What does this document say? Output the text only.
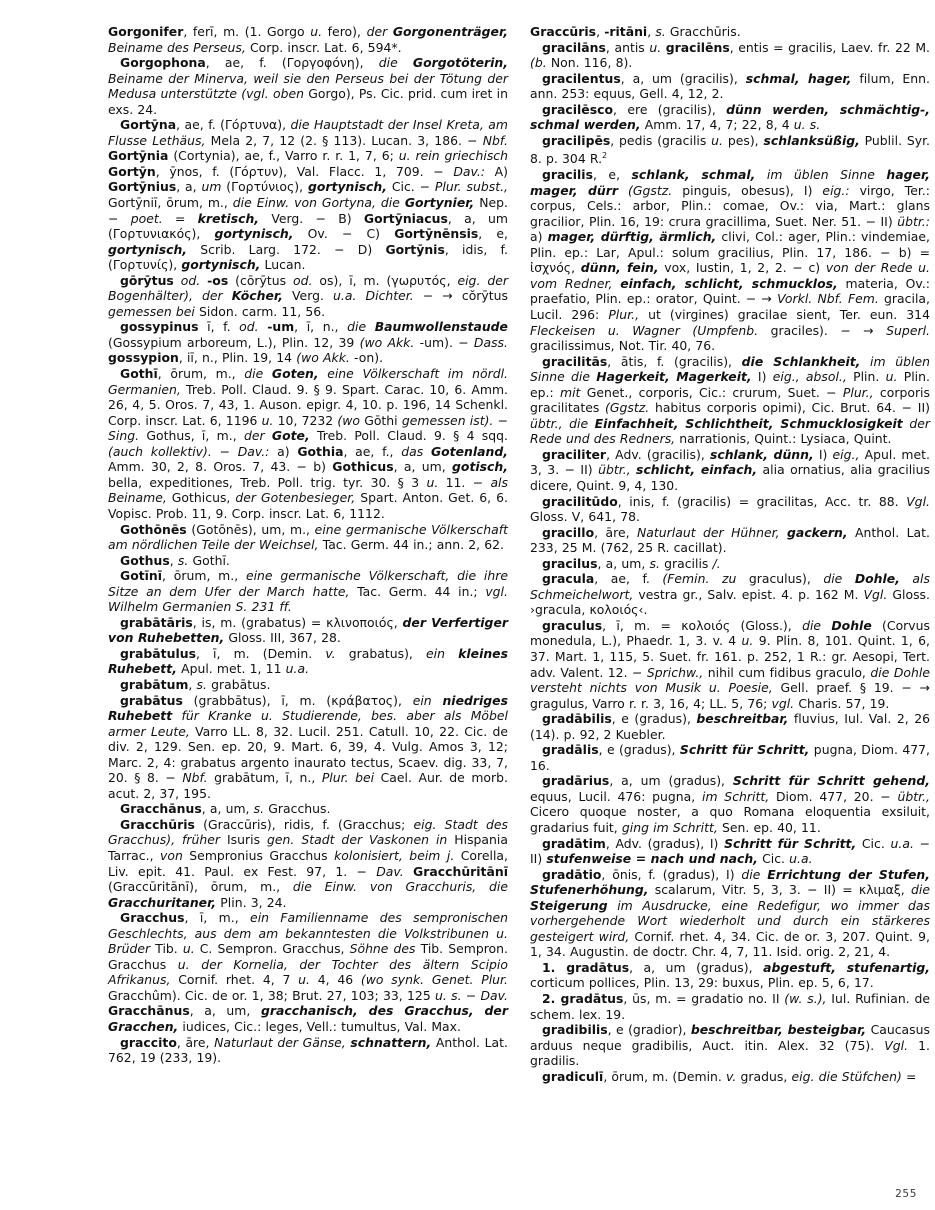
Gorgonifer, ferī, m. (1. Gorgo u. fero), der Gorgonenträger, Beiname des Perseus, Corp. inscr. Lat. 6, 594*.

Gorgophona, ae, f. (Γοργοφόνη), die Gorgotöterin, Beiname der Minerva, weil sie den Perseus bei der Tötung der Medusa unterstützte (vgl. oben Gorgo), Ps. Cic. prid. cum iret in exs. 24.

Gortȳna, ae, f. (Γόρτυνα), die Hauptstadt der Insel Kreta, am Flusse Lethäus, Mela 2, 7, 12 (2. § 113). Lucan. 3, 186. − Nbf. Gortȳnia (Cortynia), ae, f., Varro r. r. 1, 7, 6; u. rein griechisch Gortȳn, ȳnos, f. (Γόρτυν), Val. Flacc. 1, 709. − Dav.: A) Gortȳnius, a, um (Γορτύνιος), gortynisch, Cic. − Plur. subst., Gortȳniī, ōrum, m., die Einw. von Gortyna, die Gortynier, Nep. − poet. = kretisch, Verg. − B) Gortȳniacus, a, um (Γορτυνιακός), gortynisch, Ov. − C) Gortȳnēnsis, e, gortynisch, Scrib. Larg. 172. − D) Gortȳnis, idis, f. (Γορτυνίς), gortynisch, Lucan.

gōrȳtus od. -os (cōrȳtus od. os), ī, m. (γωρυτός, eig. der Bogenhälter), der Köcher, Verg. u.a. Dichter. − → cŏrȳtus gemessen bei Sidon. carm. 11, 56.

gossypinus ī, f. od. -um, ī, n., die Baumwollenstaude (Gossypium arboreum, L.), Plin. 12, 39 (wo Akk. -um). − Dass. gossypion, iī, n., Plin. 19, 14 (wo Akk. -on).

Gothī, ōrum, m., die Goten, eine Völkerschaft im nördl. Germanien, Treb. Poll. Claud. 9. § 9. Spart. Carac. 10, 6. Amm. 26, 4, 5. Oros. 7, 43, 1. Auson. epigr. 4, 10. p. 196, 14 Schenkl. Corp. inscr. Lat. 6, 1196 u. 10, 7232 (wo Gōthi gemessen ist). − Sing. Gothus, ī, m., der Gote, Treb. Poll. Claud. 9. § 4 sqq. (auch kollektiv). − Dav.: a) Gothia, ae, f., das Gotenland, Amm. 30, 2, 8. Oros. 7, 43. − b) Gothicus, a, um, gotisch, bella, expeditiones, Treb. Poll. trig. tyr. 30. § 3 u. 11. − als Beiname, Gothicus, der Gotenbesieger, Spart. Anton. Get. 6, 6. Vopisc. Prob. 11, 9. Corp. inscr. Lat. 6, 1112.

Gothōnēs (Gotōnēs), um, m., eine germanische Völkerschaft am nördlichen Teile der Weichsel, Tac. Germ. 44 in.; ann. 2, 62.

Gothus, s. Gothī.

Gotīnī, ōrum, m., eine germanische Völkerschaft, die ihre Sitze an dem Ufer der March hatte, Tac. Germ. 44 in.; vgl. Wilhelm Germanien S. 231 ff.

grabātāris, is, m. (grabatus) = κλινοποιός, der Verfertiger von Ruhebetten, Gloss. III, 367, 28.

grabātulus, ī, m. (Demin. v. grabatus), ein kleines Ruhebett, Apul. met. 1, 11 u.a.

grabātum, s. grabātus.

grabātus (grabbātus), ī, m. (κράβατος), ein niedriges Ruhebett für Kranke u. Studierende, bes. aber als Möbel armer Leute, Varro LL. 8, 32. Lucil. 251. Catull. 10, 22. Cic. de div. 2, 129. Sen. ep. 20, 9. Mart. 6, 39, 4. Vulg. Amos 3, 12; Marc. 2, 4: grabatus argento inaurato tectus, Scaev. dig. 33, 7, 20. § 8. − Nbf. grabātum, ī, n., Plur. bei Cael. Aur. de morb. acut. 2, 37, 195.

Gracchānus, a, um, s. Gracchus.

Gracchūris (Graccūris), ridis, f. (Gracchus; eig. Stadt des Gracchus), früher Isuris gen. Stadt der Vaskonen in Hispania Tarrac., von Sempronius Gracchus kolonisiert, beim j. Corella, Liv. epit. 41. Paul. ex Fest. 97, 1. − Dav. Gracchūritānī (Graccūritānī), ōrum, m., die Einw. von Gracchuris, die Gracchuritaner, Plin. 3, 24.

Gracchus, ī, m., ein Familienname des sempronischen Geschlechts, aus dem am bekanntesten die Volkstribunen u. Brüder Tib. u. C. Sempron. Gracchus, Söhne des Tib. Sempron. Gracchus u. der Kornelia, der Tochter des ältern Scipio Afrikanus, Cornif. rhet. 4, 7 u. 4, 46 (wo synk. Genet. Plur. Gracchûm). Cic. de or. 1, 38; Brut. 27, 103; 33, 125 u. s. − Dav. Gracchānus, a, um, gracchanisch, des Gracchus, der Gracchen, iudices, Cic.: leges, Vell.: tumultus, Val. Max.

graccito, āre, Naturlaut der Gänse, schnattern, Anthol. Lat. 762, 19 (233, 19).

Graccūris, -ritāni, s. Gracchūris.

gracilāns, antis u. gracilēns, entis = gracilis, Laev. fr. 22 M. (b. Non. 116, 8).

gracilentus, a, um (gracilis), schmal, hager, filum, Enn. ann. 253: equus, Gell. 4, 12, 2.

gracilēsco, ere (gracilis), dünn werden, schmächtig-, schmal werden, Amm. 17, 4, 7; 22, 8, 4 u. s.

gracilipēs, pedis (gracilis u. pes), schlanksüßig, Publil. Syr. 8. p. 304 R.$^2$

gracilis, e, schlank, schmal, im üblen Sinne hager, mager, dürr (Ggstz. pinguis, obesus), I) eig.: virgo, Ter.: corpus, Cels.: arbor, Plin.: comae, Ov.: via, Mart.: glans gracilior, Plin. 16, 19: crura gracillima, Suet. Ner. 51. − II) übtr.: a) mager, dürftig, ärmlich, clivi, Col.: ager, Plin.: vindemiae, Plin. ep.: Lar, Apul.: solum gracilius, Plin. 17, 186. − b) = ἰσχνός, dünn, fein, vox, Iustin, 1, 2, 2. − c) von der Rede u. vom Redner, einfach, schlicht, schmucklos, materia, Ov.: praefatio, Plin. ep.: orator, Quint. − → Vorkl. Nbf. Fem. gracila, Lucil. 296: Plur., ut (virgines) gracilae sient, Ter. eun. 314 Fleckeisen u. Wagner (Umpfenb. graciles). − → Superl. gracilissimus, Not. Tir. 40, 76.

gracilitās, ātis, f. (gracilis), die Schlankheit, im üblen Sinne die Hagerkeit, Magerkeit, I) eig., absol., Plin. u. Plin. ep.: mit Genet., corporis, Cic.: crurum, Suet. − Plur., corporis gracilitates (Ggstz. habitus corporis opimi), Cic. Brut. 64. − II) übtr., die Einfachheit, Schlichtheit, Schmucklosigkeit der Rede und des Redners, narrationis, Quint.: Lysiaca, Quint.

graciliter, Adv. (gracilis), schlank, dünn, I) eig., Apul. met. 3, 3. − II) übtr., schlicht, einfach, alia ornatius, alia gracilius dicere, Quint. 9, 4, 130.

gracilitūdo, inis, f. (gracilis) = gracilitas, Acc. tr. 88. Vgl. Gloss. V, 641, 78.

gracillo, āre, Naturlaut der Hühner, gackern, Anthol. Lat. 233, 25 M. (762, 25 R. cacillat).

gracilus, a, um, s. gracilis /.

gracula, ae, f. (Femin. zu graculus), die Dohle, als Schmeichelwort, vestra gr., Salv. epist. 4. p. 162 M. Vgl. Gloss. ›gracula, κολοιός‹.

graculus, ī, m. = κολοιός (Gloss.), die Dohle (Corvus monedula, L.), Phaedr. 1, 3. v. 4 u. 9. Plin. 8, 101. Quint. 1, 6, 37. Mart. 1, 115, 5. Suet. fr. 161. p. 252, 1 R.: gr. Aesopi, Tert. adv. Valent. 12. − Sprichw., nihil cum fidibus graculo, die Dohle versteht nichts von Musik u. Poesie, Gell. praef. § 19. − → gragulus, Varro r. r. 3, 16, 4; LL. 5, 76; vgl. Charis. 57, 19.

gradābilis, e (gradus), beschreitbar, fluvius, Iul. Val. 2, 26 (14). p. 92, 2 Kuebler.

gradālis, e (gradus), Schritt für Schritt, pugna, Diom. 477, 16.

gradārius, a, um (gradus), Schritt für Schritt gehend, equus, Lucil. 476: pugna, im Schritt, Diom. 477, 20. − übtr., Cicero quoque noster, a quo Romana eloquentia exsiluit, gradarius fuit, ging im Schritt, Sen. ep. 40, 11.

gradātim, Adv. (gradus), I) Schritt für Schritt, Cic. u.a. − II) stufenweise = nach und nach, Cic. u.a.

gradātio, ōnis, f. (gradus), I) die Errichtung der Stufen, Stufenerhöhung, scalarum, Vitr. 5, 3, 3. − II) = κλιμαξ, die Steigerung im Ausdrucke, eine Redefigur, wo immer das vorhergehende Wort wiederholt und durch ein stärkeres gesteigert wird, Cornif. rhet. 4, 34. Cic. de or. 3, 207. Quint. 9, 1, 34. Augustin. de doctr. Chr. 4, 7, 11. Isid. orig. 2, 21, 4.

1. gradātus, a, um (gradus), abgestuft, stufenartig, corticum pollices, Plin. 13, 29: buxus, Plin. ep. 5, 6, 17.

2. gradātus, ūs, m. = gradatio no. II (w. s.), Iul. Rufinian. de schem. lex. 19.

gradibilis, e (gradior), beschreitbar, besteigbar, Caucasus arduus neque gradibilis, Auct. itin. Alex. 32 (75). Vgl. 1. gradilis.

gradiculī, ōrum, m. (Demin. v. gradus, eig. die Stüfchen) =

255
